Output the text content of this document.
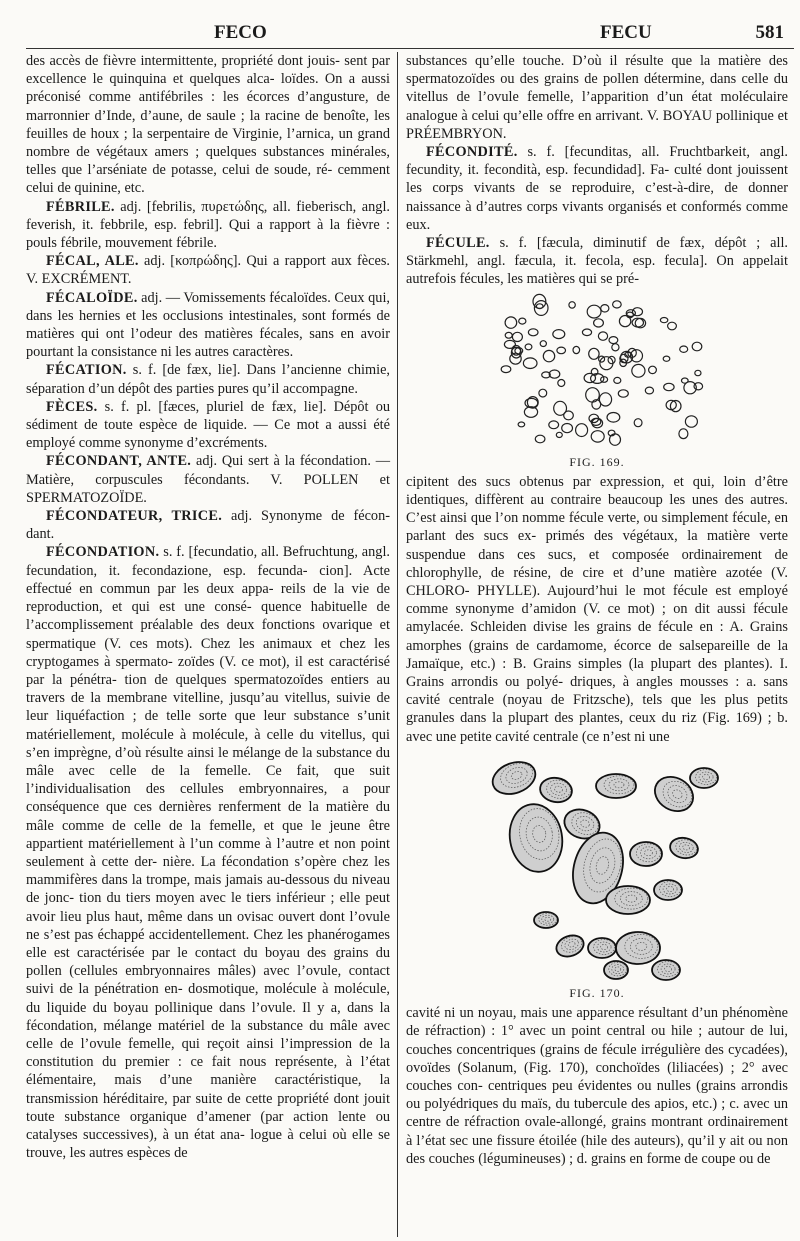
FECO	FECU	581

des accès de fièvre intermittente, propriété dont jouis- sent par excellence le quinquina et quelques alca- loïdes. On a aussi préconisé comme antifébriles : les écorces d’angusture, de marronnier d’Inde, d’aune, de saule ; la racine de benoîte, les feuilles de houx ; la serpentaire de Virginie, l’arnica, un grand nombre de végétaux amers ; quelques substances minérales, telles que l’arséniate de potasse, celui de soude, ré- cemment celui de quinine, etc.

FÉBRILE. adj. [febrilis, πυρετώδης, all. fieberisch, angl. feverish, it. febbrile, esp. febril]. Qui a rapport à la fièvre : pouls fébrile, mouvement fébrile.

FÉCAL, ALE. adj. [κοπρώδης]. Qui a rapport aux fèces. V. EXCRÉMENT.

FÉCALOÏDE. adj. — Vomissements fécaloïdes. Ceux qui, dans les hernies et les occlusions intestinales, sont formés de matières qui ont l’odeur des matières fécales, sans en avoir pourtant la consistance ni les autres caractères.

FÉCATION. s. f. [de fæx, lie]. Dans l’ancienne chimie, séparation d’un dépôt des parties pures qu’il accompagne.

FÈCES. s. f. pl. [fæces, pluriel de fæx, lie]. Dépôt ou sédiment de toute espèce de liquide. — Ce mot a aussi été employé comme synonyme d’excréments.

FÉCONDANT, ANTE. adj. Qui sert à la fécondation. — Matière, corpuscules fécondants. V. POLLEN et SPERMATOZOÏDE.

FÉCONDATEUR, TRICE. adj. Synonyme de fécon- dant.

FÉCONDATION. s. f. [fecundatio, all. Befruchtung, angl. fecundation, it. fecondazione, esp. fecunda- cion]. Acte effectué en commun par les deux appa- reils de la vie de reproduction, et qui est une consé- quence habituelle de l’accomplissement préalable des deux fonctions ovarique et spermatique (V. ces mots). Chez les animaux et chez les cryptogames à spermato- zoïdes (V. ce mot), il est caractérisé par la pénétra- tion de quelques spermatozoïdes entiers au travers de la membrane vitelline, jusqu’au vitellus, suivie de leur liquéfaction ; de telle sorte que leur substance s’unit matériellement, molécule à molécule, à celle du vitellus, qui s’en imprègne, d’où résulte ainsi le mélange de la substance du mâle avec celle de la femelle. Ce fait, que suit l’individualisation des cellules embryonnaires, a pour conséquence que ces dernières renferment de la matière du mâle comme de celle de la femelle, et que le jeune être appartient matériellement à l’un comme à l’autre et non point seulement à cette der- nière. La fécondation s’opère chez les mammifères dans la trompe, mais jamais au-dessous du niveau de jonc- tion du tiers moyen avec le tiers inférieur ; elle peut avoir lieu plus haut, même dans un ovisac ouvert dont l’ovule ne s’est pas échappé accidentellement. Chez les phanérogames elle est caractérisée par le contact du boyau des grains du pollen (cellules embryonnaires mâles) avec l’ovule, contact suivi de la pénétration en- dosmotique, molécule à molécule, du liquide du boyau pollinique dans l’ovule. Il y a, dans la fécondation, mélange matériel de la substance du mâle avec celle de l’ovule femelle, qui reçoit ainsi l’impression de la constitution du premier : ce fait nous représente, à l’état élémentaire, mais d’une manière caractéristique, la transmission héréditaire, par suite de cette propriété dont jouit toute substance organique d’amener (par action lente ou catalyses successives), à un état ana- logue à celui où elle se trouve, les autres espèces de

substances qu’elle touche. D’où il résulte que la matière des spermatozoïdes ou des grains de pollen détermine, dans celle du vitellus de l’ovule femelle, l’apparition d’un état moléculaire analogue à celui qu’elle offre en arrivant. V. BOYAU pollinique et PRÉEMBRYON.

FÉCONDITÉ. s. f. [fecunditas, all. Fruchtbarkeit, angl. fecundity, it. fecondità, esp. fecundidad]. Fa- culté dont jouissent les corps vivants de se reproduire, c’est-à-dire, de donner naissance à d’autres corps vivants organisés et conformés comme eux.

FÉCULE. s. f. [fæcula, diminutif de fæx, dépôt ; all. Stärkmehl, angl. fæcula, it. fecola, esp. fecula]. On appelait autrefois fécules, les matières qui se pré-

FIG. 169.

cipitent des sucs obtenus par expression, et qui, loin d’être identiques, diffèrent au contraire beaucoup les unes des autres. C’est ainsi que l’on nomme fécule verte, ou simplement fécule, en parlant des sucs ex- primés des végétaux, la matière verte suspendue dans ces sucs, et composée ordinairement de chlorophylle, de résine, de cire et d’une matière azotée (V. CHLORO- PHYLLE). Aujourd’hui le mot fécule est employé comme synonyme d’amidon (V. ce mot) ; on dit aussi fécule amylacée. Schleiden divise les grains de fécule en : A. Grains amorphes (grains de cardamome, écorce de salsepareille de la Jamaïque, etc.) : B. Grains simples (la plupart des plantes). I. Grains arrondis ou polyé- driques, à angles mousses : a. sans cavité centrale (noyau de Fritzsche), tels que les plus petits granules dans la plupart des plantes, ceux du riz (Fig. 169) ; b. avec une petite cavité centrale (ce n’est ni une

FIG. 170.

cavité ni un noyau, mais une apparence résultant d’un phénomène de réfraction) : 1° avec un point central ou hile ; autour de lui, couches concentriques (grains de fécule irrégulière des cycadées), ovoïdes (Solanum, (Fig. 170), conchoïdes (liliacées) ; 2° avec couches con- centriques peu évidentes ou nulles (grains arrondis ou polyédriques du maïs, du tubercule des apios, etc.) ; c. avec un centre de réfraction ovale-allongé, grains montrant ordinairement à l’état sec une fissure étoilée (hile des auteurs), qu’il y ait ou non des couches (légumineuses) ; d. grains en forme de coupe ou de
